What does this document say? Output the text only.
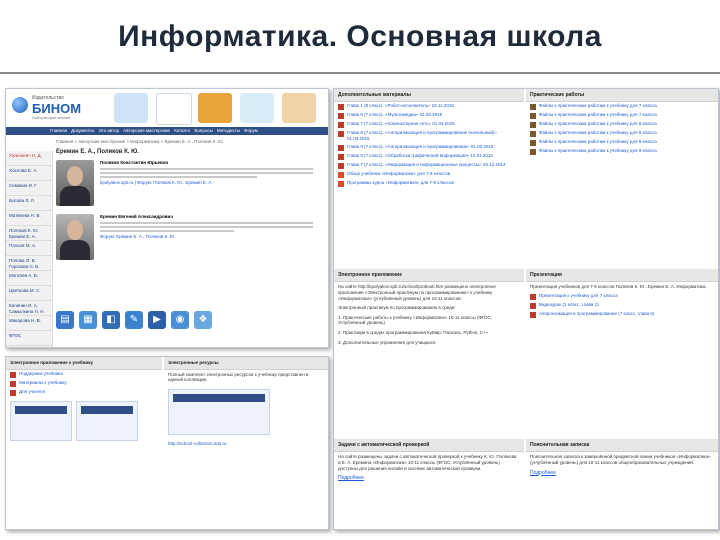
Информатика. Основная школа
Издательство
БИНОМ
Лаборатория знаний
Главная Документы Это автор Авторские мастерские Каталог Вопросы Методисты Форум
Угринович Н. Д.
Хохлова Е. А.
Семакин И. Г.
Босова Л. Л.
Матвеева Н. В.
Поляков К. Ю. Еремин Е. А.
Плохов М. А.
Попова О. В. Горохова Н. В.
Могилев А. В.
Цветкова М. С.
Калинин И. А. Самылкина Н. Н.
Макарова Н. В.
ФГОС
Главная > Авторские мастерские > Информатика > Еремин Е. А., Поляков К. Ю.
Еремин Е. А., Поляков К. Ю.
Поляков Константин Юрьевич
kpolyakov.spb.ru | Форум: Поляков К. Ю., Еремин Е. А.
Еремин Евгений Александрович
Форум: Еремин Е. А., Поляков К. Ю.
▤	▦	◧	✎	▶	◉	❖
Дополнительные материалы
Глава 1 (8 класс). «Робот-исполнитель» 22.11.2015
Глава 6 (7 класс). «Мультимедиа» 01.03.2015
Глава 7 (7 класс). «Компьютерная сеть» 01.03.2015
Глава 8 (7 класс). «Алгоритмизация и программирование (начальный)» 01.03.2015
Глава 9 (7 класс). «Алгоритмизация и программирование» 01.03.2015
Глава 5 (7 класс). «Обработка графической информации» 12.01.2015
Глава 7 (7 класс). «Информация и информационные процессы» 25.12.2014
Обзор учебника «Информатика» для 7-9 классов
Программы курса «Информатика» для 7-9 классов
Практические работы
Файлы к практическим работам к учебнику для 7 класса
Файлы к практическим работам к учебнику для 7 класса
Файлы к практическим работам к учебнику для 8 класса
Файлы к практическим работам к учебнику для 8 класса
Файлы к практическим работам к учебнику для 9 класса
Файлы к практическим работам к учебнику для 9 класса
Электронное приложение
На сайте http://kpolyakov.spb.ru/school/probook.htm размещено электронное приложение «Электронный практикум по программированию» к учебнику «Информатика» (углублённый уровень) для 10-11 классов.
Электронный практикум по программированию в среде:
1. Практические работы к учебнику «Информатика» 10-11 классы (ФГОС, Углублённый уровень)
2. Практикум в средах программирования КуМир, Паскаль, Python, C++
3. Дополнительные упражнения для учащихся
Презентация
Презентация учебников для 7-9 классов Поляков К. Ю., Еремин Е. А. Информатика.
Презентация к учебнику для 7 класса
Видеоурок (1 класс, глава 1)
Аппроксимация и программирование (7 класс, глава 6)
Задачи с автоматической проверкой
На сайте размещены задачи с автоматической проверкой к учебнику К. Ю. Полякова и Е. А. Еремина «Информатика» 10-11 классы (ФГОС, Углублённый уровень) доступны для решения онлайн в системе автоматической проверки.
Подробнее
Пояснительная записка
Пояснительная записка к завершённой предметной линии учебников «Информатика» (углублённый уровень) для 10-11 классов общеобразовательных учреждений.
Подробнее
Электронное приложение к учебнику
Поддержка учебника
Материалы к учебнику
Для учителя
Электронные ресурсы
Полный комплект электронных ресурсов к учебнику представлен в единой коллекции.
http://school-collection.edu.ru
